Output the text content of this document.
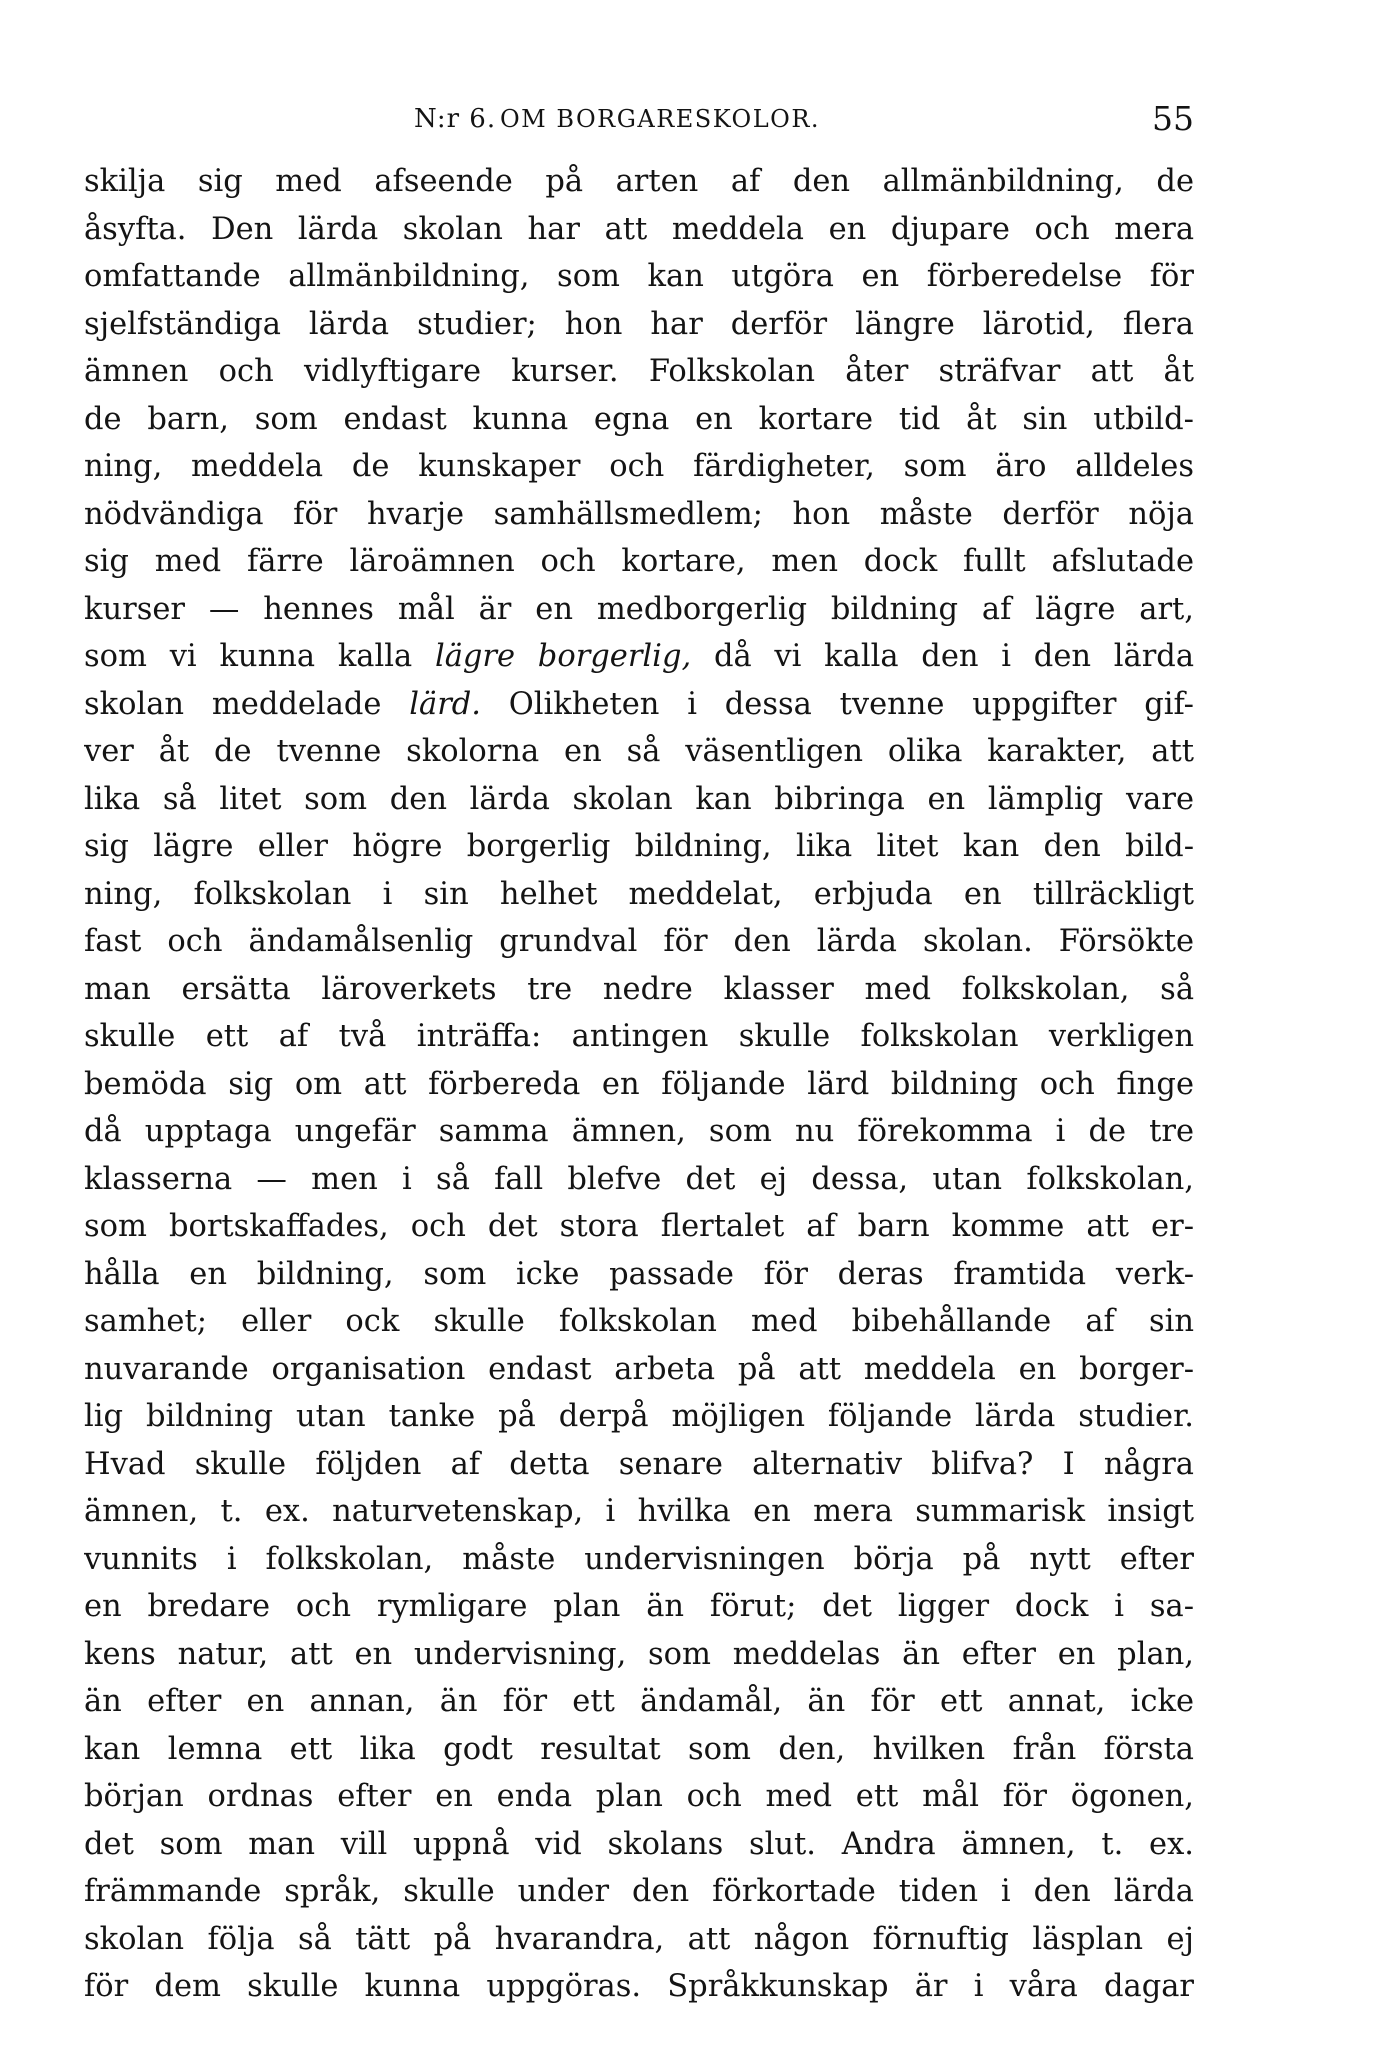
N:r 6. OM BORGARESKOLOR.	55
skilja sig med afseende på arten af den allmänbildning, de
åsyfta. Den lärda skolan har att meddela en djupare och mera
omfattande allmänbildning, som kan utgöra en förberedelse för
sjelfständiga lärda studier; hon har derför längre lärotid, flera
ämnen och vidlyftigare kurser. Folkskolan åter sträfvar att åt
de barn, som endast kunna egna en kortare tid åt sin utbild-
ning, meddela de kunskaper och färdigheter, som äro alldeles
nödvändiga för hvarje samhällsmedlem; hon måste derför nöja
sig med färre läroämnen och kortare, men dock fullt afslutade
kurser — hennes mål är en medborgerlig bildning af lägre art,
som vi kunna kalla lägre borgerlig, då vi kalla den i den lärda
skolan meddelade lärd. Olikheten i dessa tvenne uppgifter gif-
ver åt de tvenne skolorna en så väsentligen olika karakter, att
lika så litet som den lärda skolan kan bibringa en lämplig vare
sig lägre eller högre borgerlig bildning, lika litet kan den bild-
ning, folkskolan i sin helhet meddelat, erbjuda en tillräckligt
fast och ändamålsenlig grundval för den lärda skolan. Försökte
man ersätta läroverkets tre nedre klasser med folkskolan, så
skulle ett af två inträffa: antingen skulle folkskolan verkligen
bemöda sig om att förbereda en följande lärd bildning och finge
då upptaga ungefär samma ämnen, som nu förekomma i de tre
klasserna — men i så fall blefve det ej dessa, utan folkskolan,
som bortskaffades, och det stora flertalet af barn komme att er-
hålla en bildning, som icke passade för deras framtida verk-
samhet; eller ock skulle folkskolan med bibehållande af sin
nuvarande organisation endast arbeta på att meddela en borger-
lig bildning utan tanke på derpå möjligen följande lärda studier.
Hvad skulle följden af detta senare alternativ blifva? I några
ämnen, t. ex. naturvetenskap, i hvilka en mera summarisk insigt
vunnits i folkskolan, måste undervisningen börja på nytt efter
en bredare och rymligare plan än förut; det ligger dock i sa-
kens natur, att en undervisning, som meddelas än efter en plan,
än efter en annan, än för ett ändamål, än för ett annat, icke
kan lemna ett lika godt resultat som den, hvilken från första
början ordnas efter en enda plan och med ett mål för ögonen,
det som man vill uppnå vid skolans slut. Andra ämnen, t. ex.
främmande språk, skulle under den förkortade tiden i den lärda
skolan följa så tätt på hvarandra, att någon förnuftig läsplan ej
för dem skulle kunna uppgöras. Språkkunskap är i våra dagar
